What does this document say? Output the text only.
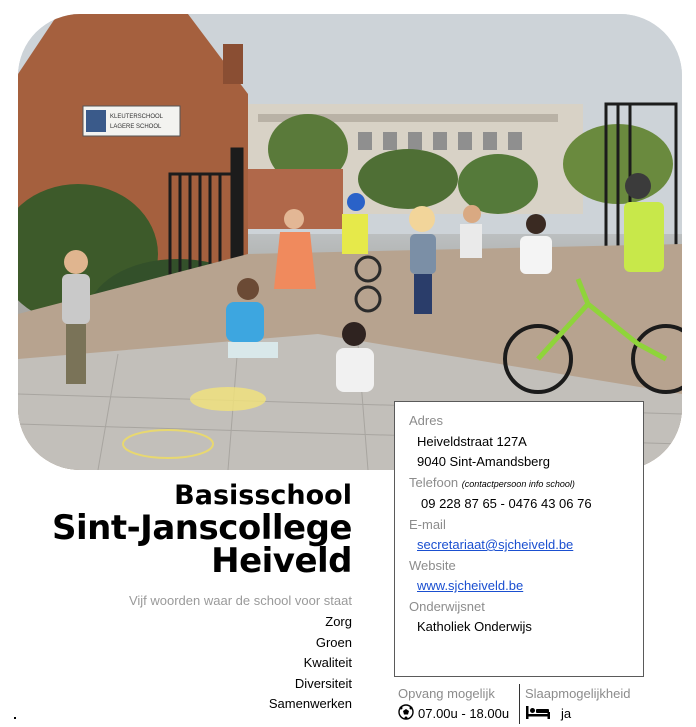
KLEUTERSCHOOL
LAGERE SCHOOL
Basisschool
Sint-Janscollege
Heiveld
Vijf woorden waar de school voor staat
Zorg
Groen
Kwaliteit
Diversiteit
Samenwerken
Adres
Heiveldstraat 127A
9040 Sint-Amandsberg
Telefoon (contactpersoon info school)
09 228 87 65 - 0476 43 06 76
E-mail
secretariaat@sjcheiveld.be
Website
www.sjcheiveld.be
Onderwijsnet
Katholiek Onderwijs
Opvang mogelijk
07.00u - 18.00u
Slaapmogelijkheid
ja
